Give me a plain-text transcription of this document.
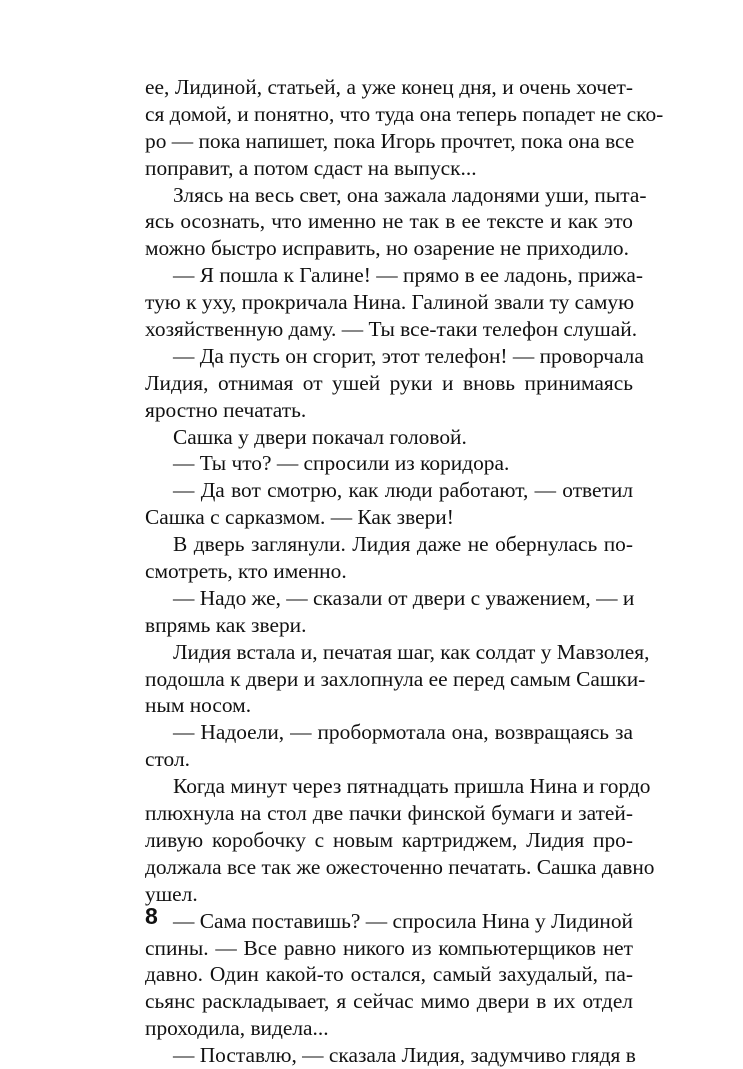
ее, Лидиной, статьей, а уже конец дня, и очень хочет-
ся домой, и понятно, что туда она теперь попадет не ско-
ро — пока напишет, пока Игорь прочтет, пока она все
поправит, а потом сдаст на выпуск...
Злясь на весь свет, она зажала ладонями уши, пыта-
ясь осознать, что именно не так в ее тексте и как это
можно быстро исправить, но озарение не приходило.
— Я пошла к Галине! — прямо в ее ладонь, прижа-
тую к уху, прокричала Нина. Галиной звали ту самую
хозяйственную даму. — Ты все-таки телефон слушай.
— Да пусть он сгорит, этот телефон! — проворчала
Лидия, отнимая от ушей руки и вновь принимаясь
яростно печатать.
Сашка у двери покачал головой.
— Ты что? — спросили из коридора.
— Да вот смотрю, как люди работают, — ответил
Сашка с сарказмом. — Как звери!
В дверь заглянули. Лидия даже не обернулась по-
смотреть, кто именно.
— Надо же, — сказали от двери с уважением, — и
впрямь как звери.
Лидия встала и, печатая шаг, как солдат у Мавзолея,
подошла к двери и захлопнула ее перед самым Сашки-
ным носом.
— Надоели, — пробормотала она, возвращаясь за
стол.
Когда минут через пятнадцать пришла Нина и гордо
плюхнула на стол две пачки финской бумаги и затей-
ливую коробочку с новым картриджем, Лидия про-
должала все так же ожесточенно печатать. Сашка давно
ушел.
— Сама поставишь? — спросила Нина у Лидиной
спины. — Все равно никого из компьютерщиков нет
давно. Один какой-то остался, самый захудалый, па-
сьянс раскладывает, я сейчас мимо двери в их отдел
проходила, видела...
— Поставлю, — сказала Лидия, задумчиво глядя в
8
